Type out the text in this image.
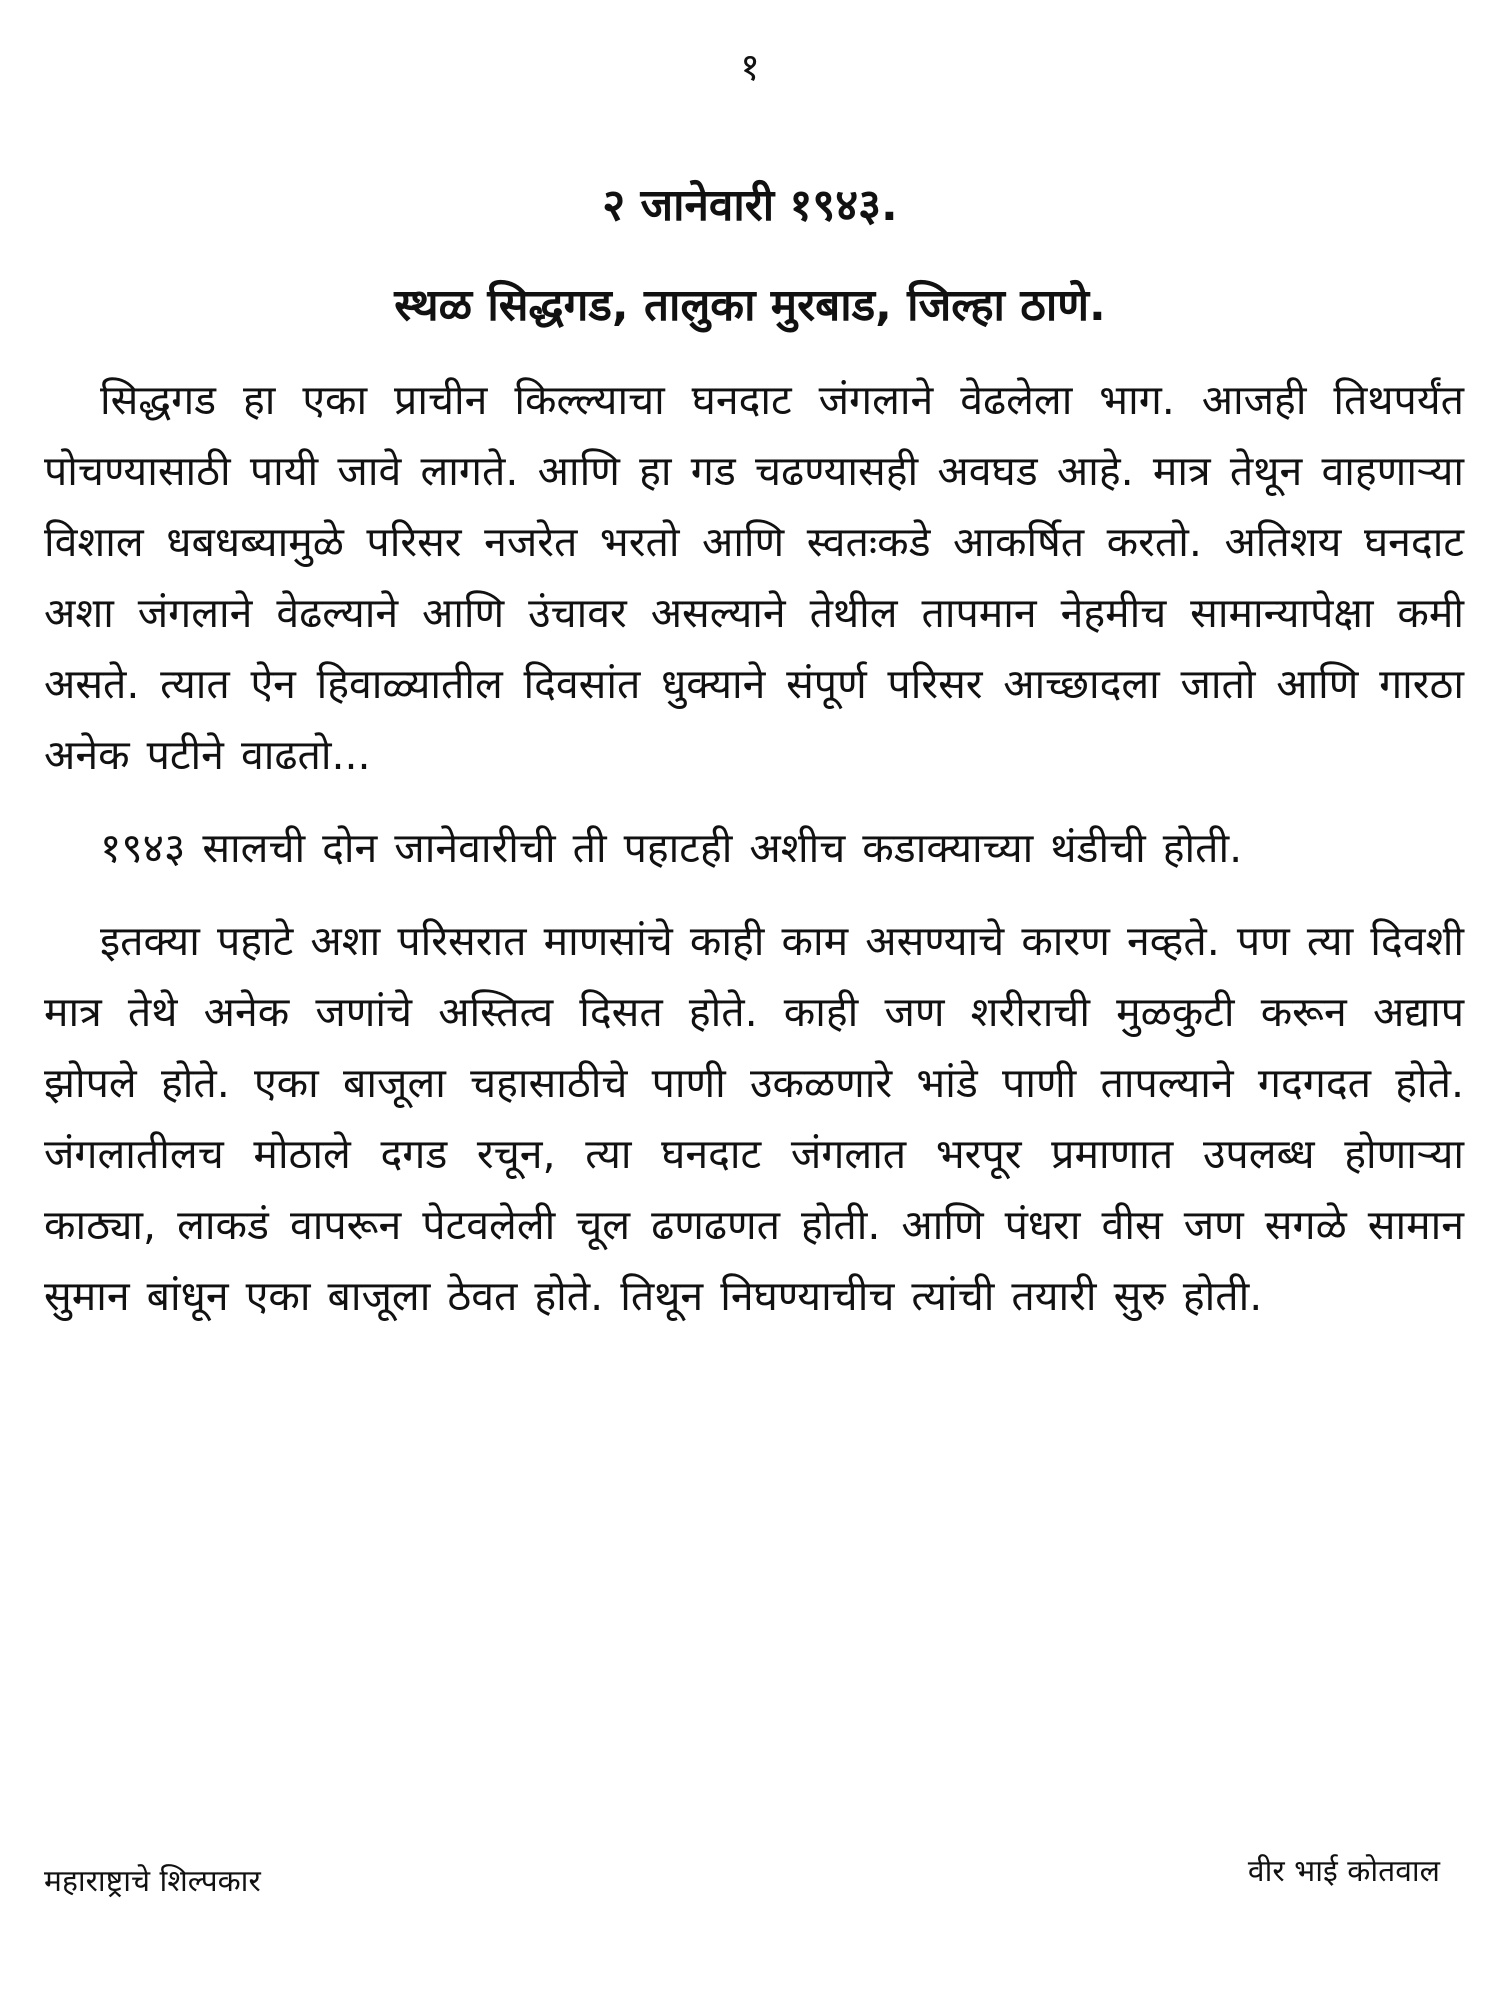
१
२ जानेवारी १९४३.
स्थळ सिद्धगड, तालुका मुरबाड, जिल्हा ठाणे.

सिद्धगड हा एका प्राचीन किल्ल्याचा घनदाट जंगलाने वेढलेला भाग. आजही तिथपर्यंत पोचण्यासाठी पायी जावे लागते. आणि हा गड चढण्यासही अवघड आहे. मात्र तेथून वाहणाऱ्या विशाल धबधब्यामुळे परिसर नजरेत भरतो आणि स्वतःकडे आकर्षित करतो. अतिशय घनदाट अशा जंगलाने वेढल्याने आणि उंचावर असल्याने तेथील तापमान नेहमीच सामान्यापेक्षा कमी असते. त्यात ऐन हिवाळ्यातील दिवसांत धुक्याने संपूर्ण परिसर आच्छादला जातो आणि गारठा अनेक पटीने वाढतो...

१९४३ सालची दोन जानेवारीची ती पहाटही अशीच कडाक्याच्या थंडीची होती.

इतक्या पहाटे अशा परिसरात माणसांचे काही काम असण्याचे कारण नव्हते. पण त्या दिवशी मात्र तेथे अनेक जणांचे अस्तित्व दिसत होते. काही जण शरीराची मुळकुटी करून अद्याप झोपले होते. एका बाजूला चहासाठीचे पाणी उकळणारे भांडे पाणी तापल्याने गदगदत होते. जंगलातीलच मोठाले दगड रचून, त्या घनदाट जंगलात भरपूर प्रमाणात उपलब्ध होणाऱ्या काठ्या, लाकडं वापरून पेटवलेली चूल ढणढणत होती. आणि पंधरा वीस जण सगळे सामान सुमान बांधून एका बाजूला ठेवत होते. तिथून निघण्याचीच त्यांची तयारी सुरु होती.

महाराष्ट्राचे शिल्पकार	वीर भाई कोतवाल
